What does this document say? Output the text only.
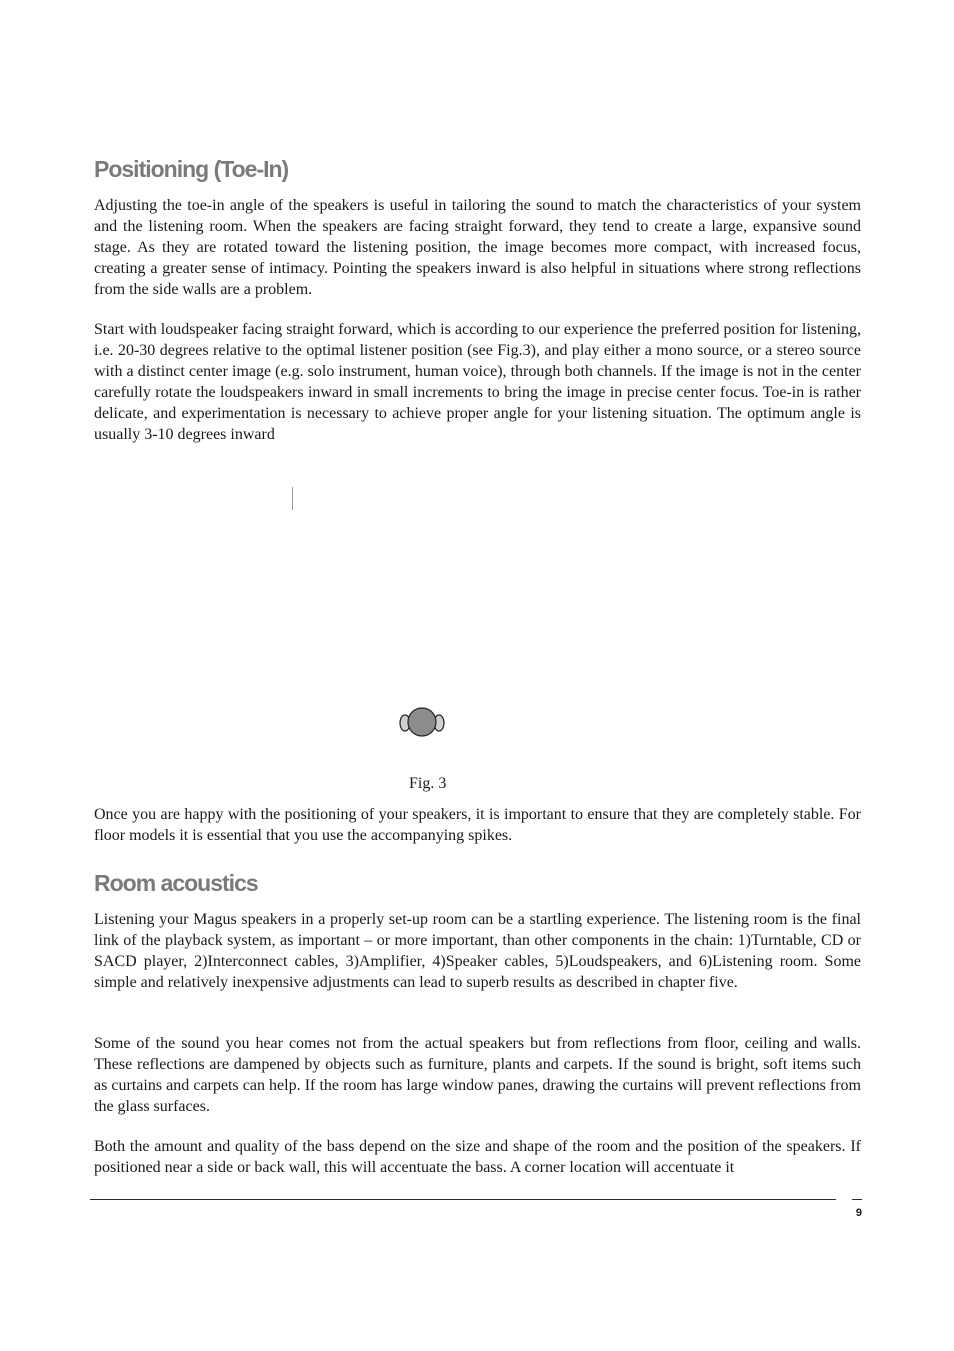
Positioning (Toe-In)

Adjusting the toe-in angle of the speakers is useful in tailoring the sound to match the characteristics of your system and the listening room. When the speakers are facing straight forward, they tend to create a large, expansive sound stage. As they are rotated toward the listening position, the image becomes more compact, with increased focus, creating a greater sense of intimacy. Pointing the speakers inward is also helpful in situations where strong reflections from the side walls are a problem.

Start with loudspeaker facing straight forward, which is according to our experience the preferred position for listening, i.e. 20-30 degrees relative to the optimal listener position (see Fig.3), and play either a mono source, or a stereo source with a distinct center image (e.g. solo instrument, human voice), through both channels. If the image is not in the center carefully rotate the loudspeakers inward in small increments to bring the image in precise center focus. Toe-in is rather delicate, and experimentation is necessary to achieve proper angle for your listening situation. The optimum angle is usually 3-10 degrees inward

Fig. 3

Once you are happy with the positioning of your speakers, it is important to ensure that they are completely stable. For floor models it is essential that you use the accompanying spikes.

Room acoustics

Listening your Magus speakers in a properly set-up room can be a startling experience. The listening room is the final link of the playback system, as important – or more important, than other components in the chain: 1)Turntable, CD or SACD player, 2)Interconnect cables, 3)Amplifier, 4)Speaker cables, 5)Loudspeakers, and 6)Listening room. Some simple and relatively inexpensive adjustments can lead to superb results as described in chapter five.

Some of the sound you hear comes not from the actual speakers but from reflections from floor, ceiling and walls. These reflections are dampened by objects such as furniture, plants and carpets. If the sound is bright, soft items such as curtains and carpets can help. If the room has large window panes, drawing the curtains will prevent reflections from the glass surfaces.

Both the amount and quality of the bass depend on the size and shape of the room and the position of the speakers. If positioned near a side or back wall, this will accentuate the bass. A corner location will accentuate it

9
